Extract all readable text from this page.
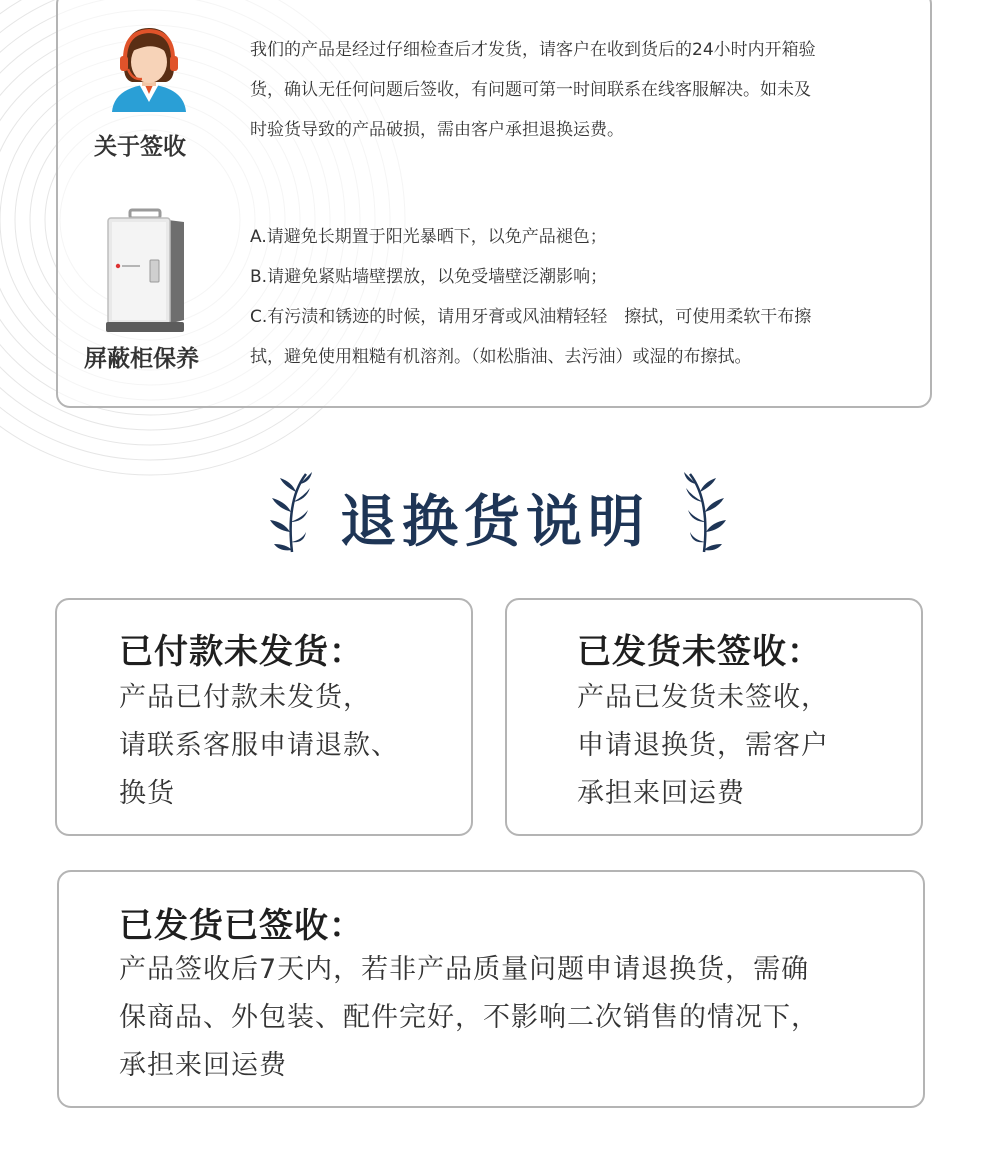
关于签收
我们的产品是经过仔细检查后才发货，请客户在收到货后的24小时内开箱验
货，确认无任何问题后签收，有问题可第一时间联系在线客服解决。如未及
时验货导致的产品破损，需由客户承担退换运费。
屏蔽柜保养
A.请避免长期置于阳光暴晒下，以免产品褪色；
B.请避免紧贴墙壁摆放，以免受墙壁泛潮影响；
C.有污渍和锈迹的时候，请用牙膏或风油精轻轻　擦拭，可使用柔软干布擦
拭，避免使用粗糙有机溶剂。（如松脂油、去污油）或湿的布擦拭。
退换货说明
已付款未发货：
产品已付款未发货，
请联系客服申请退款、
换货
已发货未签收：
产品已发货未签收，
申请退换货，需客户
承担来回运费
已发货已签收：
产品签收后7天内，若非产品质量问题申请退换货，需确
保商品、外包装、配件完好，不影响二次销售的情况下，
承担来回运费
